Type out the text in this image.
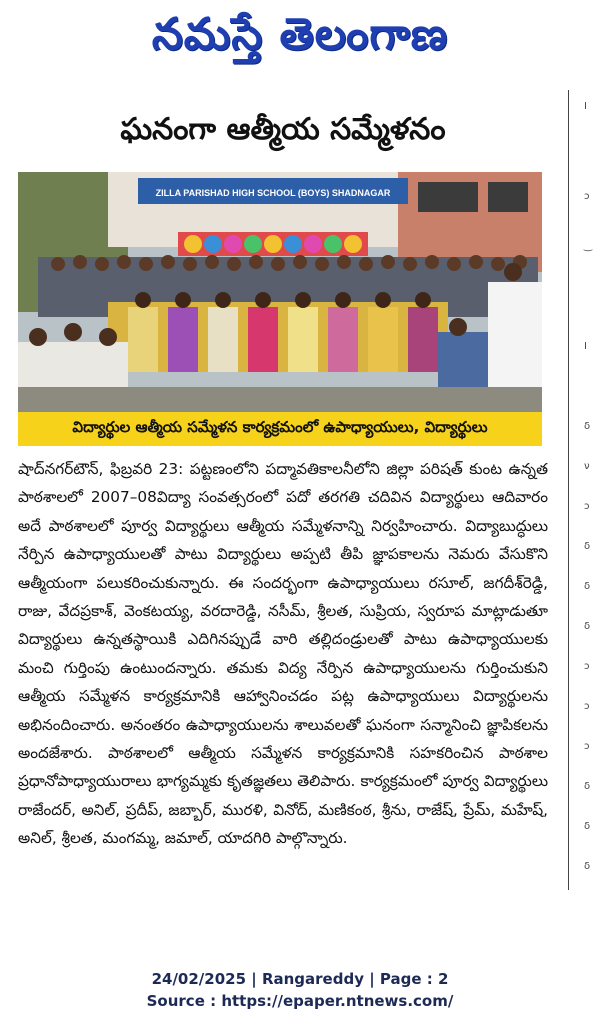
నమస్తే తెలంగాణ
I
ɔ
‿
I
δ
ν
ɔ
δ
δ
δ
ɔ
ɔ
ɔ
δ
δ
δ
ఘనంగా ఆత్మీయ సమ్మేళనం
ZILLA PARISHAD HIGH SCHOOL (BOYS) SHADNAGAR
విద్యార్థుల ఆత్మీయ సమ్మేళన కార్యక్రమంలో ఉపాధ్యాయులు, విద్యార్థులు
షాద్‌నగర్‌టౌన్, ఫిబ్రవరి 23: పట్టణంలోని పద్మావతికాలనీలోని జిల్లా పరిషత్ కుంట ఉన్నత పాఠశాలలో 2007–08విద్యా సంవత్సరంలో పదో తరగతి చదివిన విద్యార్థులు ఆదివారం అదే పాఠశాలలో పూర్వ విద్యార్థులు ఆత్మీయ సమ్మేళనాన్ని నిర్వహించారు. విద్యాబుద్ధులు నేర్పిన ఉపాధ్యాయులతో పాటు విద్యార్థులు అప్పటి తీపి జ్ఞాపకాలను నెమరు వేసుకొని ఆత్మీయంగా పలుకరించుకున్నారు. ఈ సందర్భంగా ఉపాధ్యాయులు రసూల్, జగదీశ్‌రెడ్డి, రాజు, వేదప్రకాశ్, వెంకటయ్య, వరదారెడ్డి, నసీమ్, శ్రీలత, సుప్రియ, స్వరూప మాట్లాడుతూ విద్యార్థులు ఉన్నతస్థాయికి ఎదిగినప్పుడే వారి తల్లిదండ్రులతో పాటు ఉపాధ్యాయులకు మంచి గుర్తింపు ఉంటుందన్నారు. తమకు విద్య నేర్పిన ఉపాధ్యాయులను గుర్తించుకుని ఆత్మీయ సమ్మేళన కార్యక్రమానికి ఆహ్వానించడం పట్ల ఉపాధ్యాయులు విద్యార్థులను అభినందించారు. అనంతరం ఉపాధ్యాయులను శాలువలతో ఘనంగా సన్మానించి జ్ఞాపికలను అందజేశారు. పాఠశాలలో ఆత్మీయ సమ్మేళన కార్యక్రమానికి సహకరించిన పాఠశాల ప్రధానోపాధ్యాయురాలు భాగ్యమ్మకు కృతజ్ఞతలు తెలిపారు. కార్యక్రమంలో పూర్వ విద్యార్థులు రాజేందర్, అనిల్, ప్రదీప్, జబ్బార్, మురళి, వినోద్, మణికంఠ, శ్రీను, రాజేష్, ప్రేమ్, మహేష్, అనిల్, శ్రీలత, మంగమ్మ, జమాల్, యాదగిరి పాల్గొన్నారు.
24/02/2025 | Rangareddy | Page : 2
Source : https://epaper.ntnews.com/
